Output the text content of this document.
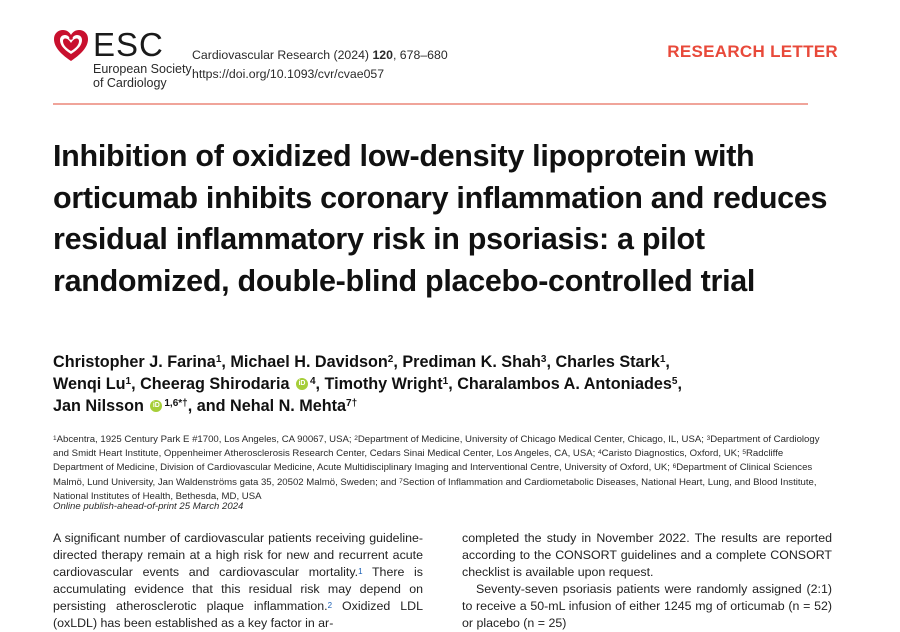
ESC
European Society
of Cardiology
Cardiovascular Research (2024) 120, 678–680
https://doi.org/10.1093/cvr/cvae057
RESEARCH LETTER
Inhibition of oxidized low-density lipoprotein with orticumab inhibits coronary inflammation and reduces residual inflammatory risk in psoriasis: a pilot randomized, double-blind placebo-controlled trial
Christopher J. Farina$^1$, Michael H. Davidson$^2$, Prediman K. Shah$^3$, Charles Stark$^1$,
Wenqi Lu$^1$, Cheerag Shirodaria iD $^4$, Timothy Wright$^1$, Charalambos A. Antoniades$^5$,
Jan Nilsson iD $^{1,6*\dagger}$, and Nehal N. Mehta$^{7\dagger}$
$^1$Abcentra, 1925 Century Park E #1700, Los Angeles, CA 90067, USA; $^2$Department of Medicine, University of Chicago Medical Center, Chicago, IL, USA; $^3$Department of Cardiology and Smidt Heart Institute, Oppenheimer Atherosclerosis Research Center, Cedars Sinai Medical Center, Los Angeles, CA, USA; $^4$Caristo Diagnostics, Oxford, UK; $^5$Radcliffe Department of Medicine, Division of Cardiovascular Medicine, Acute Multidisciplinary Imaging and Interventional Centre, University of Oxford, UK; $^6$Department of Clinical Sciences Malmö, Lund University, Jan Waldenströms gata 35, 20502 Malmö, Sweden; and $^7$Section of Inflammation and Cardiometabolic Diseases, National Heart, Lung, and Blood Institute, National Institutes of Health, Bethesda, MD, USA
Online publish-ahead-of-print 25 March 2024

A significant number of cardiovascular patients receiving guideline-directed therapy remain at a high risk for new and recurrent acute cardiovascular events and cardiovascular mortality.$^1$ There is accumulating evidence that this residual risk may depend on persisting atherosclerotic plaque inflammation.$^2$ Oxidized LDL (oxLDL) has been established as a key factor in ar-

completed the study in November 2022. The results are reported according to the CONSORT guidelines and a complete CONSORT checklist is available upon request.

Seventy-seven psoriasis patients were randomly assigned (2:1) to receive a 50-mL infusion of either 1245 mg of orticumab (n = 52) or placebo (n = 25)
